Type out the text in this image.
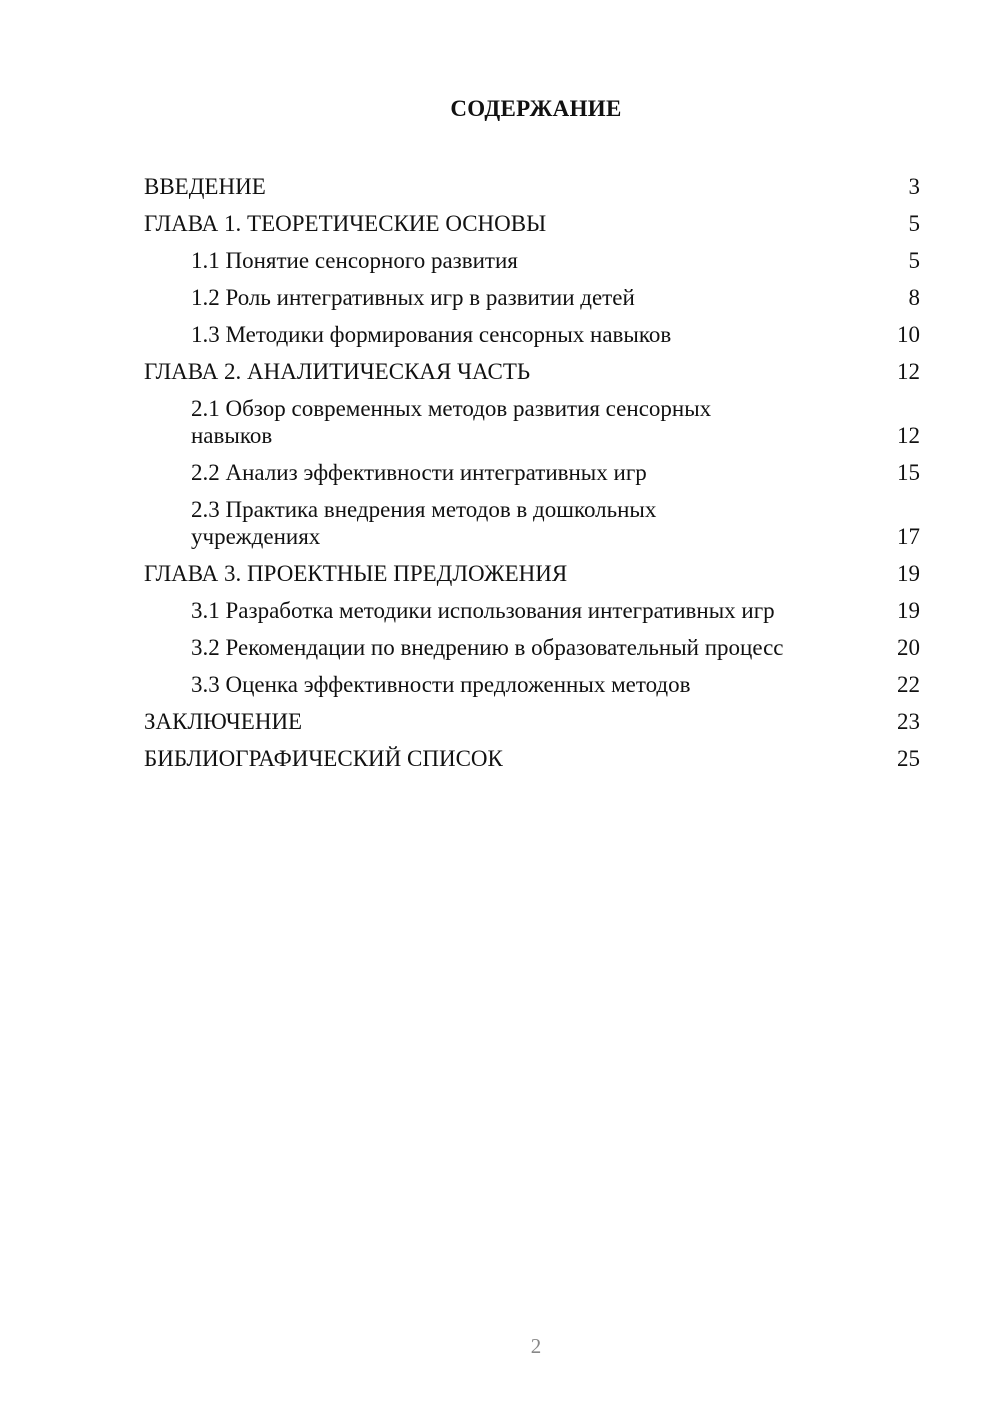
СОДЕРЖАНИЕ
ВВЕДЕНИЕ	3
ГЛАВА 1. ТЕОРЕТИЧЕСКИЕ ОСНОВЫ	5
1.1 Понятие сенсорного развития	5
1.2 Роль интегративных игр в развитии детей	8
1.3 Методики формирования сенсорных навыков	10
ГЛАВА 2. АНАЛИТИЧЕСКАЯ ЧАСТЬ	12
2.1 Обзор современных методов развития сенсорных навыков	12
2.2 Анализ эффективности интегративных игр	15
2.3 Практика внедрения методов в дошкольных учреждениях	17
ГЛАВА 3. ПРОЕКТНЫЕ ПРЕДЛОЖЕНИЯ	19
3.1 Разработка методики использования интегративных игр	19
3.2 Рекомендации по внедрению в образовательный процесс	20
3.3 Оценка эффективности предложенных методов	22
ЗАКЛЮЧЕНИЕ	23
БИБЛИОГРАФИЧЕСКИЙ СПИСОК	25
2
